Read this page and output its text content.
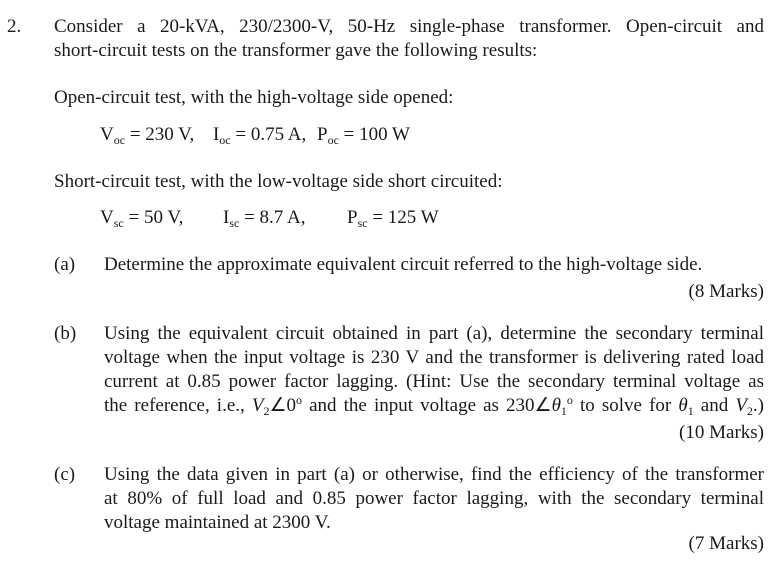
2. Consider a 20-kVA, 230/2300-V, 50-Hz single-phase transformer. Open-circuit and
short-circuit tests on the transformer gave the following results:
Open-circuit test, with the high-voltage side opened:
$V_{oc} = 230$ V, $I_{oc} = 0.75$ A, $P_{oc} = 100$ W
Short-circuit test, with the low-voltage side short circuited:
$V_{sc} = 50$ V, $I_{sc} = 8.7$ A, $P_{sc} = 125$ W
(a) Determine the approximate equivalent circuit referred to the high-voltage side.
(8 Marks)
(b) Using the equivalent circuit obtained in part (a), determine the secondary terminal
voltage when the input voltage is 230 V and the transformer is delivering rated load
current at 0.85 power factor lagging. (Hint: Use the secondary terminal voltage as
the reference, i.e., $V_2\angle 0^o$ and the input voltage as $230\angle\theta_1^o$ to solve for $\theta_1$ and $V_2$.)
(10 Marks)
(c) Using the data given in part (a) or otherwise, find the efficiency of the transformer
at 80% of full load and 0.85 power factor lagging, with the secondary terminal
voltage maintained at 2300 V.
(7 Marks)
